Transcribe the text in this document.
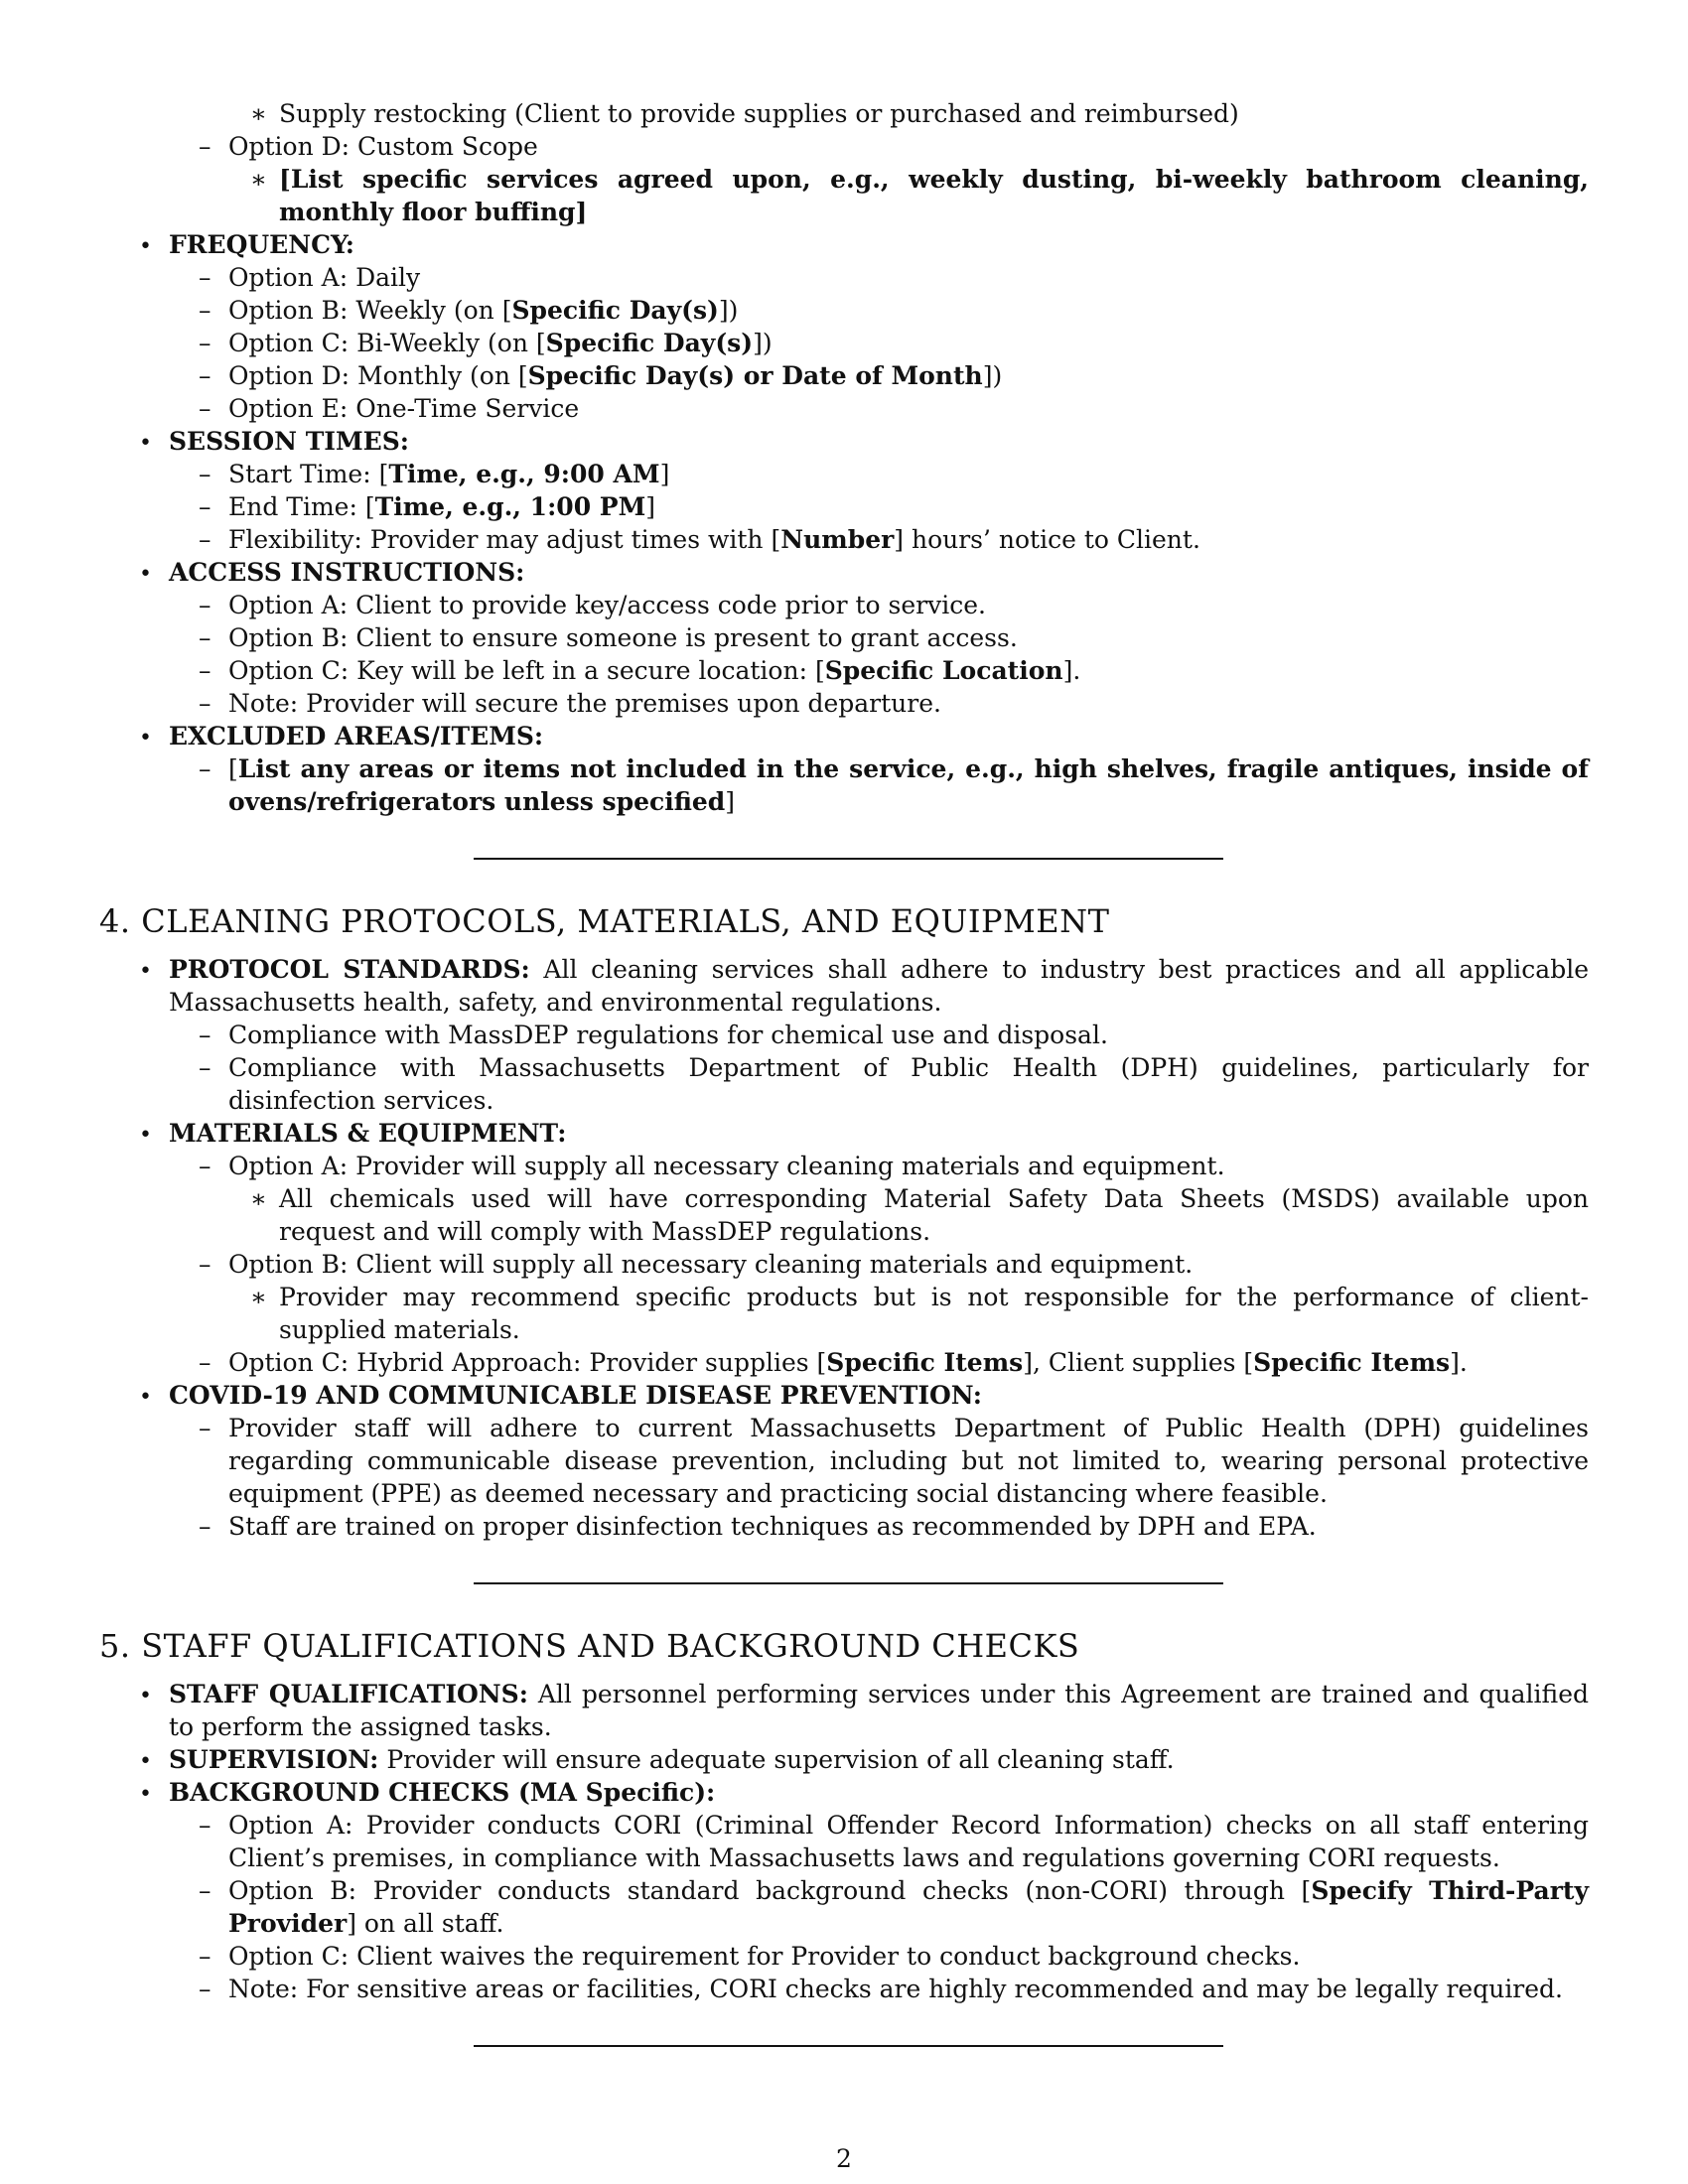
∗
Supply restocking (Client to provide supplies or purchased and reimbursed)
–
Option D: Custom Scope
∗
[List specific services agreed upon, e.g., weekly dusting, bi-weekly bathroom cleaning, monthly floor buffing]
•
FREQUENCY:
–
Option A: Daily
–
Option B: Weekly (on [Specific Day(s)])
–
Option C: Bi-Weekly (on [Specific Day(s)])
–
Option D: Monthly (on [Specific Day(s) or Date of Month])
–
Option E: One-Time Service
•
SESSION TIMES:
–
Start Time: [Time, e.g., 9:00 AM]
–
End Time: [Time, e.g., 1:00 PM]
–
Flexibility: Provider may adjust times with [Number] hours’ notice to Client.
•
ACCESS INSTRUCTIONS:
–
Option A: Client to provide key/access code prior to service.
–
Option B: Client to ensure someone is present to grant access.
–
Option C: Key will be left in a secure location: [Specific Location].
–
Note: Provider will secure the premises upon departure.
•
EXCLUDED AREAS/ITEMS:
–
[List any areas or items not included in the service, e.g., high shelves, fragile antiques, inside of ovens/refrigerators unless specified]
4. CLEANING PROTOCOLS, MATERIALS, AND EQUIPMENT
•
PROTOCOL STANDARDS: All cleaning services shall adhere to industry best practices and all applicable Massachusetts health, safety, and environmental regulations.
–
Compliance with MassDEP regulations for chemical use and disposal.
–
Compliance with Massachusetts Department of Public Health (DPH) guidelines, particularly for disinfection services.
•
MATERIALS & EQUIPMENT:
–
Option A: Provider will supply all necessary cleaning materials and equipment.
∗
All chemicals used will have corresponding Material Safety Data Sheets (MSDS) available upon request and will comply with MassDEP regulations.
–
Option B: Client will supply all necessary cleaning materials and equipment.
∗
Provider may recommend specific products but is not responsible for the performance of client-supplied materials.
–
Option C: Hybrid Approach: Provider supplies [Specific Items], Client supplies [Specific Items].
•
COVID-19 AND COMMUNICABLE DISEASE PREVENTION:
–
Provider staff will adhere to current Massachusetts Department of Public Health (DPH) guidelines regarding communicable disease prevention, including but not limited to, wearing personal protective equipment (PPE) as deemed necessary and practicing social distancing where feasible.
–
Staff are trained on proper disinfection techniques as recommended by DPH and EPA.
5. STAFF QUALIFICATIONS AND BACKGROUND CHECKS
•
STAFF QUALIFICATIONS: All personnel performing services under this Agreement are trained and qualified to perform the assigned tasks.
•
SUPERVISION: Provider will ensure adequate supervision of all cleaning staff.
•
BACKGROUND CHECKS (MA Specific):
–
Option A: Provider conducts CORI (Criminal Offender Record Information) checks on all staff entering Client’s premises, in compliance with Massachusetts laws and regulations governing CORI requests.
–
Option B: Provider conducts standard background checks (non-CORI) through [Specify Third-Party Provider] on all staff.
–
Option C: Client waives the requirement for Provider to conduct background checks.
–
Note: For sensitive areas or facilities, CORI checks are highly recommended and may be legally required.
2
